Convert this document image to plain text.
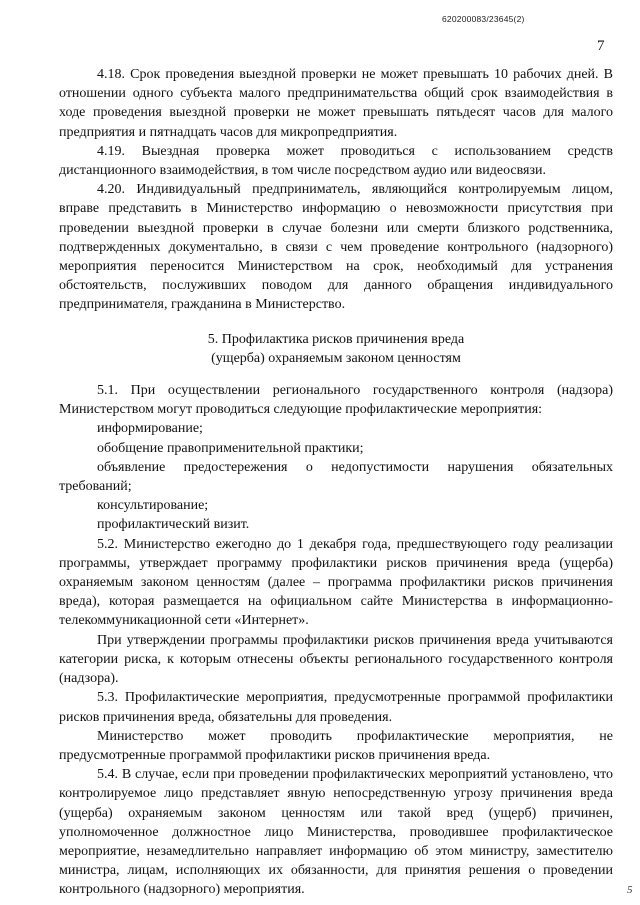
620200083/23645(2)
7

4.18. Срок проведения выездной проверки не может превышать 10 рабочих дней. В отношении одного субъекта малого предпринимательства общий срок взаимодействия в ходе проведения выездной проверки не может превышать пятьдесят часов для малого предприятия и пятнадцать часов для микропредприятия.

4.19. Выездная проверка может проводиться с использованием средств дистанционного взаимодействия, в том числе посредством аудио или видеосвязи.

4.20. Индивидуальный предприниматель, являющийся контролируемым лицом, вправе представить в Министерство информацию о невозможности присутствия при проведении выездной проверки в случае болезни или смерти близкого родственника, подтвержденных документально, в связи с чем проведение контрольного (надзорного) мероприятия переносится Министерством на срок, необходимый для устранения обстоятельств, послуживших поводом для данного обращения индивидуального предпринимателя, гражданина в Министерство.

5. Профилактика рисков причинения вреда
(ущерба) охраняемым законом ценностям

5.1. При осуществлении регионального государственного контроля (надзора) Министерством могут проводиться следующие профилактические мероприятия:

информирование;

обобщение правоприменительной практики;

объявление предостережения о недопустимости нарушения обязательных требований;

консультирование;

профилактический визит.

5.2. Министерство ежегодно до 1 декабря года, предшествующего году реализации программы, утверждает программу профилактики рисков причинения вреда (ущерба) охраняемым законом ценностям (далее – программа профилактики рисков причинения вреда), которая размещается на официальном сайте Министерства в информационно-телекоммуникационной сети «Интернет».

При утверждении программы профилактики рисков причинения вреда учитываются категории риска, к которым отнесены объекты регионального государственного контроля (надзора).

5.3. Профилактические мероприятия, предусмотренные программой профилактики рисков причинения вреда, обязательны для проведения.

Министерство может проводить профилактические мероприятия, не предусмотренные программой профилактики рисков причинения вреда.

5.4. В случае, если при проведении профилактических мероприятий установлено, что контролируемое лицо представляет явную непосредственную угрозу причинения вреда (ущерба) охраняемым законом ценностям или такой вред (ущерб) причинен, уполномоченное должностное лицо Министерства, проводившее профилактическое мероприятие, незамедлительно направляет информацию об этом министру, заместителю министра, лицам, исполняющих их обязанности, для принятия решения о проведении контрольного (надзорного) мероприятия.	5
